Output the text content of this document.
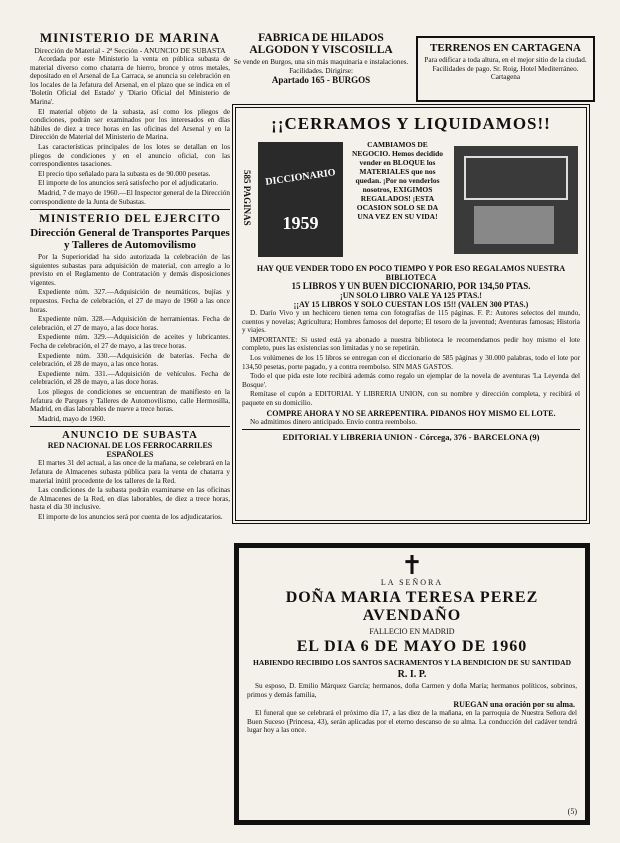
MINISTERIO DE MARINA
Dirección de Material - 2ª Sección - ANUNCIO DE SUBASTA

Acordada por este Ministerio la venta en pública subasta de material diverso como chatarra de hierro, bronce y otros metales, depositado en el Arsenal de La Carraca, se anuncia su celebración en los locales de la Jefatura del Arsenal, en el plazo que se indica en el 'Boletín Oficial del Estado' y 'Diario Oficial del Ministerio de Marina'.

El material objeto de la subasta, así como los pliegos de condiciones, podrán ser examinados por los interesados en días hábiles de diez a trece horas en las oficinas del Arsenal y en la Dirección de Material del Ministerio de Marina.

Las características principales de los lotes se detallan en los pliegos de condiciones y en el anuncio oficial, con las correspondientes tasaciones.

El precio tipo señalado para la subasta es de 90.000 pesetas.

El importe de los anuncios será satisfecho por el adjudicatario.

Madrid, 7 de mayo de 1960.—El Inspector general de la Dirección correspondiente de la Junta de Subastas.

MINISTERIO DEL EJERCITO
Dirección General de Transportes Parques y Talleres de Automovilismo

Por la Superioridad ha sido autorizada la celebración de las siguientes subastas para adquisición de material, con arreglo a lo previsto en el Reglamento de Contratación y demás disposiciones vigentes.

Expediente núm. 327.—Adquisición de neumáticos, bujías y repuestos. Fecha de celebración, el 27 de mayo de 1960 a las once horas.

Expediente núm. 328.—Adquisición de herramientas. Fecha de celebración, el 27 de mayo, a las doce horas.

Expediente núm. 329.—Adquisición de aceites y lubricantes. Fecha de celebración, el 27 de mayo, a las trece horas.

Expediente núm. 330.—Adquisición de baterías. Fecha de celebración, el 28 de mayo, a las once horas.

Expediente núm. 331.—Adquisición de vehículos. Fecha de celebración, el 28 de mayo, a las doce horas.

Los pliegos de condiciones se encuentran de manifiesto en la Jefatura de Parques y Talleres de Automovilismo, calle Hermosilla, Madrid, en días laborables de nueve a trece horas.

Madrid, mayo de 1960.

ANUNCIO DE SUBASTA
RED NACIONAL DE LOS FERROCARRILES ESPAÑOLES

El martes 31 del actual, a las once de la mañana, se celebrará en la Jefatura de Almacenes subasta pública para la venta de chatarra y material inútil procedente de los talleres de la Red.

Las condiciones de la subasta podrán examinarse en las oficinas de Almacenes de la Red, en días laborables, de diez a trece horas, hasta el día 30 inclusive.

El importe de los anuncios será por cuenta de los adjudicatarios.

FABRICA DE HILADOS ALGODON Y VISCOSILLA

Se vende en Burgos, una sin más maquinaria e instalaciones. Facilidades. Dirigirse:

Apartado 165 - BURGOS
TERRENOS EN CARTAGENA

Para edificar a toda altura, en el mejor sitio de la ciudad. Facilidades de pago. Sr. Roig, Hotel Mediterráneo. Cartagena

¡¡CERRAMOS Y LIQUIDAMOS!!
585 PAGINAS	DICCIONARIO
1959
CAMBIAMOS DE NEGOCIO. Hemos decidido vender en BLOQUE los MATERIALES que nos quedan. ¡Por no venderlos nosotros, EXIGIMOS REGALADOS! ¡ESTA OCASION SOLO SE DA UNA VEZ EN SU VIDA!
HAY QUE VENDER TODO EN POCO TIEMPO Y POR ESO REGALAMOS NUESTRA BIBLIOTECA
15 LIBROS Y UN BUEN DICCIONARIO, POR 134,50 PTAS.
¡UN SOLO LIBRO VALE YA 125 PTAS.!
¡¡AY 15 LIBROS Y SOLO CUESTAN LOS 15!! (VALEN 300 PTAS.)

D. Darío Vivo y un hechicero tienen tema con fotografías de 115 páginas. F. P.: Autores selectos del mundo, cuentos y novelas; Agricultura; Hombres famosos del deporte; El tesoro de la juventud; Aventuras famosas; Historia y viajes.

IMPORTANTE: Si usted está ya abonado a nuestra biblioteca le recomendamos pedir hoy mismo el lote completo, pues las existencias son limitadas y no se repetirán.

Los volúmenes de los 15 libros se entregan con el diccionario de 585 páginas y 30.000 palabras, todo el lote por 134,50 pesetas, porte pagado, y a contra reembolso. SIN MAS GASTOS.

Todo el que pida este lote recibirá además como regalo un ejemplar de la novela de aventuras 'La Leyenda del Bosque'.

Remítase el cupón a EDITORIAL Y LIBRERIA UNION, con su nombre y dirección completa, y recibirá el paquete en su domicilio.

COMPRE AHORA Y NO SE ARREPENTIRA. PIDANOS HOY MISMO EL LOTE.

No admitimos dinero anticipado. Envío contra reembolso.

EDITORIAL Y LIBRERIA UNION - Córcega, 376 - BARCELONA (9)
✝
LA SEÑORA
DOÑA MARIA TERESA PEREZ AVENDAÑO
FALLECIO EN MADRID
EL DIA 6 DE MAYO DE 1960
HABIENDO RECIBIDO LOS SANTOS SACRAMENTOS Y LA BENDICION DE SU SANTIDAD
R. I. P.

Su esposo, D. Emilio Márquez García; hermanos, doña Carmen y doña María; hermanos políticos, sobrinos, primos y demás familia,

RUEGAN una oración por su alma.

El funeral que se celebrará el próximo día 17, a las diez de la mañana, en la parroquia de Nuestra Señora del Buen Suceso (Princesa, 43), serán aplicadas por el eterno descanso de su alma. La conducción del cadáver tendrá lugar hoy a las once.

(5)
